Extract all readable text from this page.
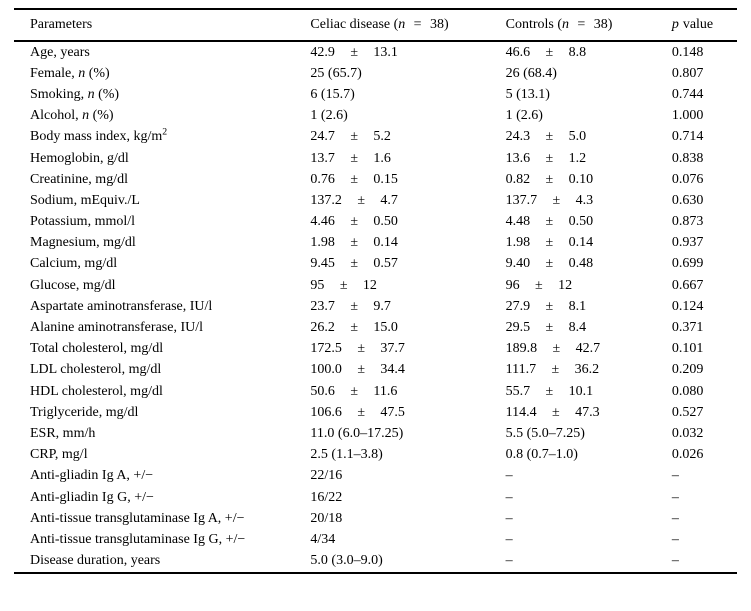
Parameters	Celiac disease (n = 38)	Controls (n = 38)	p value
Age, years	42.9 ± 13.1	46.6 ± 8.8	0.148
Female, n (%)	25 (65.7)	26 (68.4)	0.807
Smoking, n (%)	6 (15.7)	5 (13.1)	0.744
Alcohol, n (%)	1 (2.6)	1 (2.6)	1.000
Body mass index, $kg/m^2$	24.7 ± 5.2	24.3 ± 5.0	0.714
Hemoglobin, g/dl	13.7 ± 1.6	13.6 ± 1.2	0.838
Creatinine, mg/dl	0.76 ± 0.15	0.82 ± 0.10	0.076
Sodium, mEquiv./L	137.2 ± 4.7	137.7 ± 4.3	0.630
Potassium, mmol/l	4.46 ± 0.50	4.48 ± 0.50	0.873
Magnesium, mg/dl	1.98 ± 0.14	1.98 ± 0.14	0.937
Calcium, mg/dl	9.45 ± 0.57	9.40 ± 0.48	0.699
Glucose, mg/dl	95 ± 12	96 ± 12	0.667
Aspartate aminotransferase, IU/l	23.7 ± 9.7	27.9 ± 8.1	0.124
Alanine aminotransferase, IU/l	26.2 ± 15.0	29.5 ± 8.4	0.371
Total cholesterol, mg/dl	172.5 ± 37.7	189.8 ± 42.7	0.101
LDL cholesterol, mg/dl	100.0 ± 34.4	111.7 ± 36.2	0.209
HDL cholesterol, mg/dl	50.6 ± 11.6	55.7 ± 10.1	0.080
Triglyceride, mg/dl	106.6 ± 47.5	114.4 ± 47.3	0.527
ESR, mm/h	11.0 (6.0–17.25)	5.5 (5.0–7.25)	0.032
CRP, mg/l	2.5 (1.1–3.8)	0.8 (0.7–1.0)	0.026
Anti-gliadin Ig A, +/−	22/16	–	–
Anti-gliadin Ig G, +/−	16/22	–	–
Anti-tissue transglutaminase Ig A, +/−	20/18	–	–
Anti-tissue transglutaminase Ig G, +/−	4/34	–	–
Disease duration, years	5.0 (3.0–9.0)	–	–
